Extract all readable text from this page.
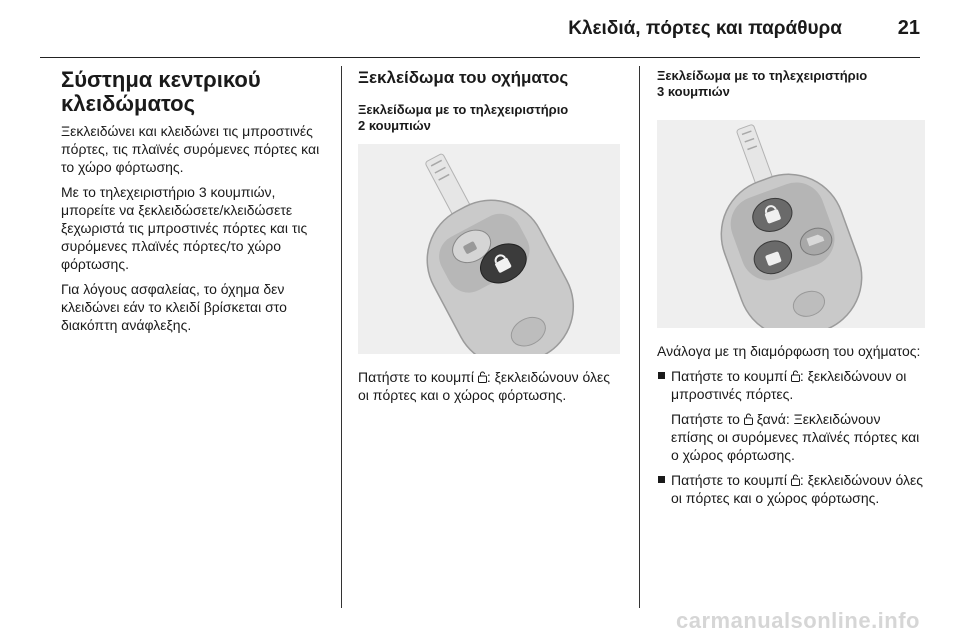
Κλειδιά, πόρτες και παράθυρα	21
Σύστημα κεντρικού
κλειδώματος

Ξεκλειδώνει και κλειδώνει τις μπροστινές πόρτες, τις πλαϊνές συρόμενες πόρτες και το χώρο φόρτωσης.

Με το τηλεχειριστήριο 3 κουμπιών, μπορείτε να ξεκλειδώσετε/κλειδώσετε ξεχωριστά τις μπροστινές πόρτες και τις συρόμενες πλαϊνές πόρτες/το χώρο φόρτωσης.

Για λόγους ασφαλείας, το όχημα δεν κλειδώνει εάν το κλειδί βρίσκεται στο διακόπτη ανάφλεξης.

Ξεκλείδωμα του οχήματος
Ξεκλείδωμα με το τηλεχειριστήριο
2 κουμπιών

Πατήστε το κουμπί : ξεκλειδώνουν όλες οι πόρτες και ο χώρος φόρτωσης.

Ξεκλείδωμα με το τηλεχειριστήριο
3 κουμπιών

Ανάλογα με τη διαμόρφωση του οχήματος:

Πατήστε το κουμπί : ξεκλειδώνουν οι μπροστινές πόρτες.

Πατήστε το ξανά: Ξεκλειδώνουν επίσης οι συρόμενες πλαϊνές πόρτες και ο χώρος φόρτωσης.

Πατήστε το κουμπί : ξεκλειδώνουν όλες οι πόρτες και ο χώρος φόρτωσης.

carmanualsonline.info
